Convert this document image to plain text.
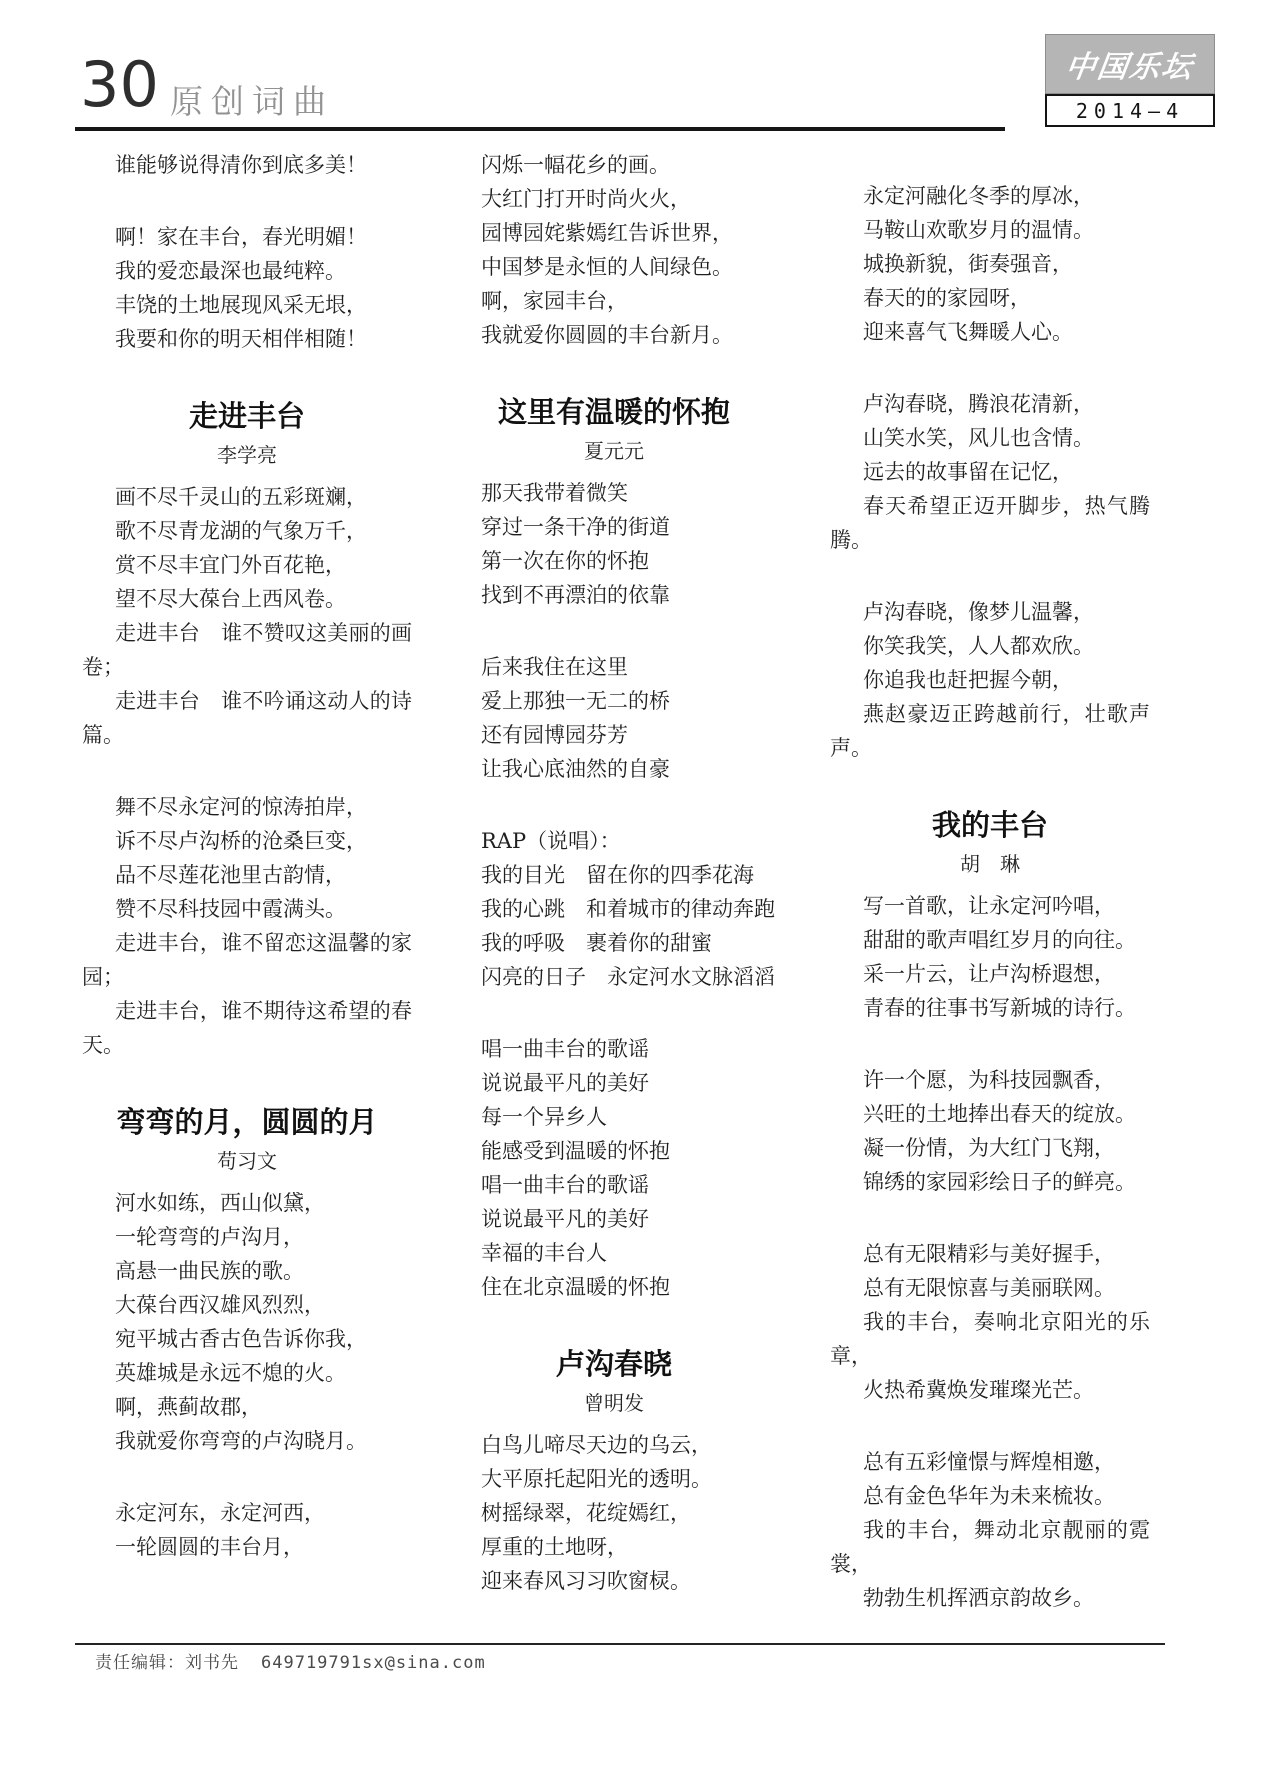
30 原创词曲
中国乐坛
2014—4

谁能够说得清你到底多美！

啊！家在丰台，春光明媚！

我的爱恋最深也最纯粹。

丰饶的土地展现风采无垠，

我要和你的明天相伴相随！

走进丰台
李学亮

画不尽千灵山的五彩斑斓，

歌不尽青龙湖的气象万千，

赏不尽丰宜门外百花艳，

望不尽大葆台上西风卷。

走进丰台　谁不赞叹这美丽的画

卷；

走进丰台　谁不吟诵这动人的诗

篇。

舞不尽永定河的惊涛拍岸，

诉不尽卢沟桥的沧桑巨变，

品不尽莲花池里古韵情，

赞不尽科技园中霞满头。

走进丰台，谁不留恋这温馨的家

园；

走进丰台，谁不期待这希望的春

天。

弯弯的月，圆圆的月
苟习文

河水如练，西山似黛，

一轮弯弯的卢沟月，

高悬一曲民族的歌。

大葆台西汉雄风烈烈，

宛平城古香古色告诉你我，

英雄城是永远不熄的火。

啊，燕蓟故郡，

我就爱你弯弯的卢沟晓月。

永定河东，永定河西，

一轮圆圆的丰台月，

闪烁一幅花乡的画。

大红门打开时尚火火，

园博园姹紫嫣红告诉世界，

中国梦是永恒的人间绿色。

啊，家园丰台，

我就爱你圆圆的丰台新月。

这里有温暖的怀抱
夏元元

那天我带着微笑

穿过一条干净的街道

第一次在你的怀抱

找到不再漂泊的依靠

后来我住在这里

爱上那独一无二的桥

还有园博园芬芳

让我心底油然的自豪

RAP（说唱）：

我的目光　留在你的四季花海

我的心跳　和着城市的律动奔跑

我的呼吸　裹着你的甜蜜

闪亮的日子　永定河水文脉滔滔

唱一曲丰台的歌谣

说说最平凡的美好

每一个异乡人

能感受到温暖的怀抱

唱一曲丰台的歌谣

说说最平凡的美好

幸福的丰台人

住在北京温暖的怀抱

卢沟春晓
曾明发

白鸟儿啼尽天边的乌云，

大平原托起阳光的透明。

树摇绿翠，花绽嫣红，

厚重的土地呀，

迎来春风习习吹窗棂。

永定河融化冬季的厚冰，

马鞍山欢歌岁月的温情。

城换新貌，街奏强音，

春天的的家园呀，

迎来喜气飞舞暖人心。

卢沟春晓，腾浪花清新，

山笑水笑，风儿也含情。

远去的故事留在记忆，

春天希望正迈开脚步，热气腾

腾。

卢沟春晓，像梦儿温馨，

你笑我笑，人人都欢欣。

你追我也赶把握今朝，

燕赵豪迈正跨越前行，壮歌声

声。

我的丰台
胡　琳

写一首歌，让永定河吟唱，

甜甜的歌声唱红岁月的向往。

采一片云，让卢沟桥遐想，

青春的往事书写新城的诗行。

许一个愿，为科技园飘香，

兴旺的土地捧出春天的绽放。

凝一份情，为大红门飞翔，

锦绣的家园彩绘日子的鲜亮。

总有无限精彩与美好握手，

总有无限惊喜与美丽联网。

我的丰台，奏响北京阳光的乐

章，

火热希冀焕发璀璨光芒。

总有五彩憧憬与辉煌相邀，

总有金色华年为未来梳妆。

我的丰台，舞动北京靓丽的霓

裳，

勃勃生机挥洒京韵故乡。

责任编辑：刘书先 649719791sx@sina.com
